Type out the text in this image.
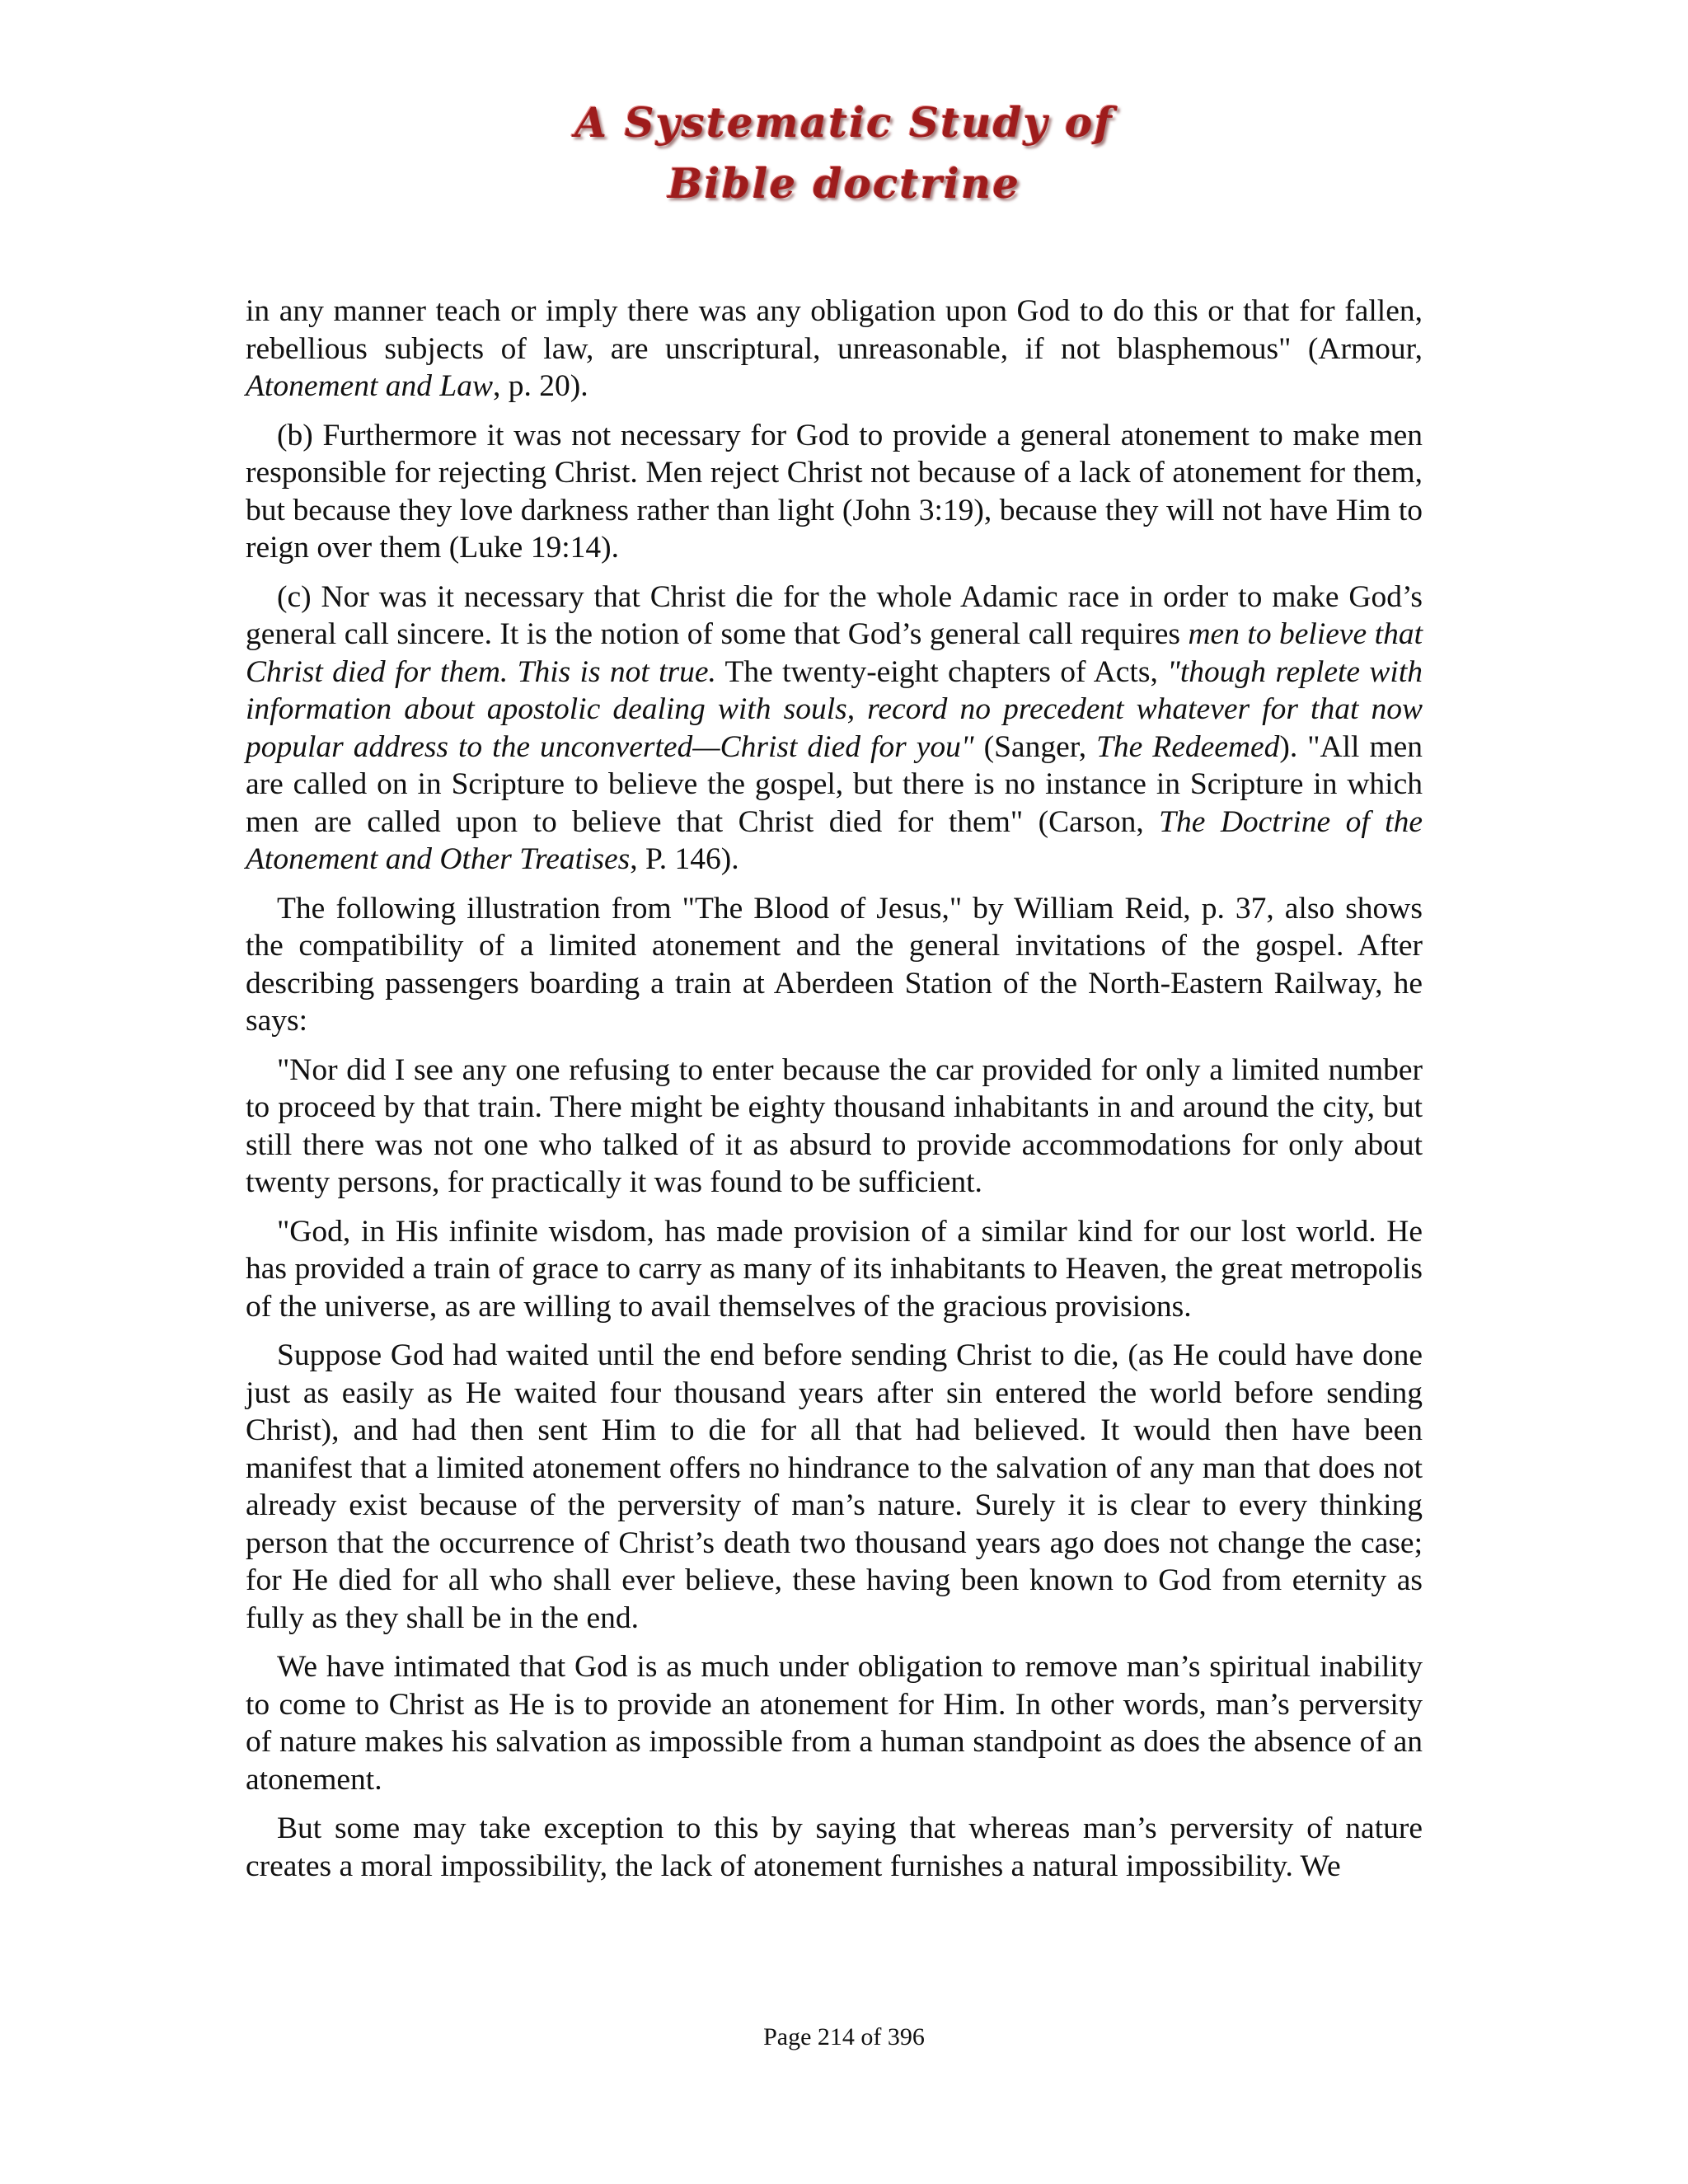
A Systematic Study of
Bible doctrine

in any manner teach or imply there was any obligation upon God to do this or that for fallen, rebellious subjects of law, are unscriptural, unreasonable, if not blasphemous" (Armour, Atonement and Law, p. 20).

(b) Furthermore it was not necessary for God to provide a general atonement to make men responsible for rejecting Christ. Men reject Christ not because of a lack of atonement for them, but because they love darkness rather than light (John 3:19), because they will not have Him to reign over them (Luke 19:14).

(c) Nor was it necessary that Christ die for the whole Adamic race in order to make God’s general call sincere. It is the notion of some that God’s general call requires men to believe that Christ died for them. This is not true. The twenty-eight chapters of Acts, "though replete with information about apostolic dealing with souls, record no precedent whatever for that now popular address to the unconverted—Christ died for you" (Sanger, The Redeemed). "All men are called on in Scripture to believe the gospel, but there is no instance in Scripture in which men are called upon to believe that Christ died for them" (Carson, The Doctrine of the Atonement and Other Treatises, P. 146).

The following illustration from "The Blood of Jesus," by William Reid, p. 37, also shows the compatibility of a limited atonement and the general invitations of the gospel. After describing passengers boarding a train at Aberdeen Station of the North-Eastern Railway, he says:

"Nor did I see any one refusing to enter because the car provided for only a limited number to proceed by that train. There might be eighty thousand inhabitants in and around the city, but still there was not one who talked of it as absurd to provide accommodations for only about twenty persons, for practically it was found to be sufficient.

"God, in His infinite wisdom, has made provision of a similar kind for our lost world. He has provided a train of grace to carry as many of its inhabitants to Heaven, the great metropolis of the universe, as are willing to avail themselves of the gracious provisions.

Suppose God had waited until the end before sending Christ to die, (as He could have done just as easily as He waited four thousand years after sin entered the world before sending Christ), and had then sent Him to die for all that had believed. It would then have been manifest that a limited atonement offers no hindrance to the salvation of any man that does not already exist because of the perversity of man’s nature. Surely it is clear to every thinking person that the occurrence of Christ’s death two thousand years ago does not change the case; for He died for all who shall ever believe, these having been known to God from eternity as fully as they shall be in the end.

We have intimated that God is as much under obligation to remove man’s spiritual inability to come to Christ as He is to provide an atonement for Him. In other words, man’s perversity of nature makes his salvation as impossible from a human standpoint as does the absence of an atonement.

But some may take exception to this by saying that whereas man’s perversity of nature creates a moral impossibility, the lack of atonement furnishes a natural impossibility. We

Page 214 of 396
